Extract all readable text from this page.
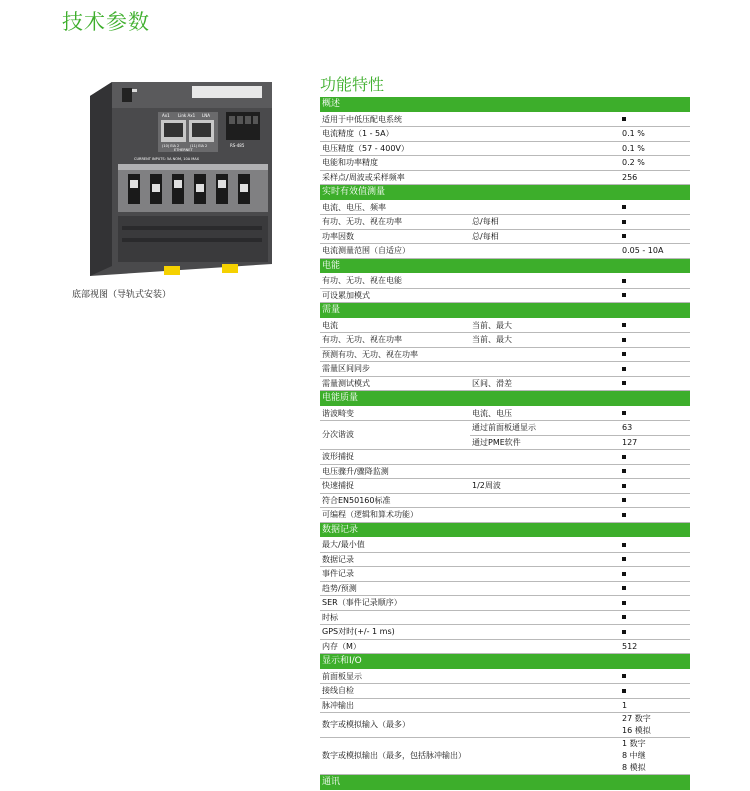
技术参数
Ax1 Link Ax1 LNA
(10) EIA 2	(11) EIA 2
ETHERNET
RS-485
CURRENT INPUTS: 5A NOM, 10A MAX
底部视图（导轨式安装）
功能特性
概述
适用于中低压配电系统
电流精度（1 - 5A）	0.1 %
电压精度（57 - 400V）	0.1 %
电能和功率精度	0.2 %
采样点/周波或采样频率	256
实时有效值测量
电流、电压、频率
有功、无功、视在功率	总/每相
功率因数	总/每相
电流测量范围（自适应）	0.05 - 10A
电能
有功、无功、视在电能
可设累加模式
需量
电流	当前、最大
有功、无功、视在功率	当前、最大
预测有功、无功、视在功率
需量区间同步
需量测试模式	区间、滑差
电能质量
谐波畸变	电流、电压
分次谐波
通过前面板通显示	63
通过PME软件	127
波形捕捉
电压骤升/骤降监测
快速捕捉	1/2周波
符合EN50160标准
可编程（逻辑和算术功能）
数据记录
最大/最小值
数据记录
事件记录
趋势/预测
SER（事件记录顺序）
时标
GPS对时(+/- 1 ms)
内存（M）	512
显示和I/O
前面板显示
接线自检
脉冲输出	1
数字或模拟输入（最多）
27 数字
16 模拟
数字或模拟输出（最多，包括脉冲输出）
1 数字
8 中继
8 模拟
通讯
